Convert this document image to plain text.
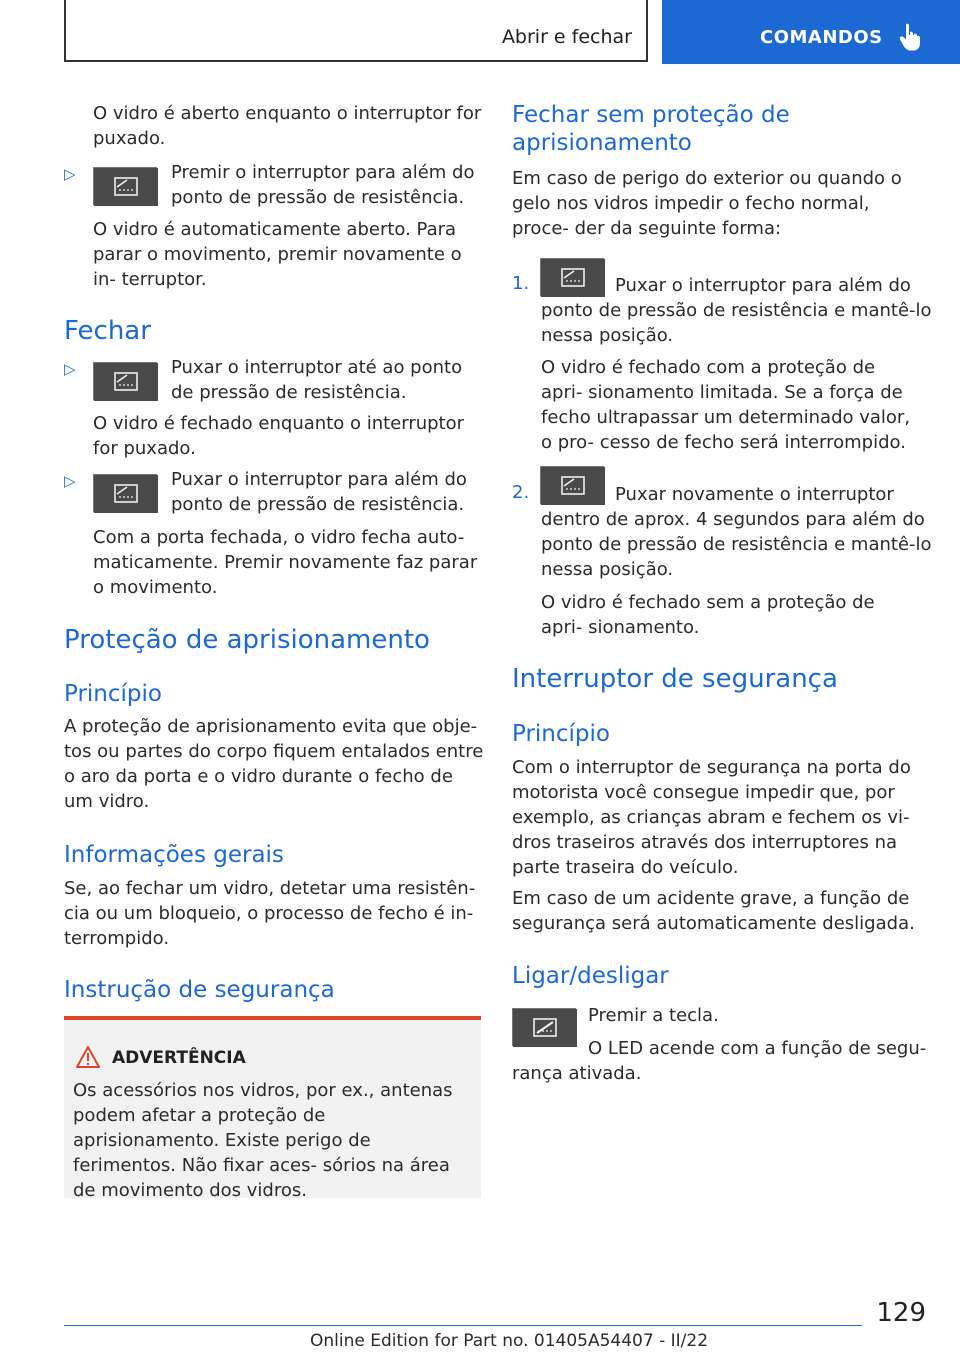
Abrir e fechar	COMANDOS

O vidro é aberto enquanto o interruptor for puxado.

▷	Premir o interruptor para além do ponto de pressão de resistência.

O vidro é automaticamente aberto. Para parar o movimento, premir novamente o in- terruptor.

Fechar
▷	Puxar o interruptor até ao ponto de pressão de resistência.

O vidro é fechado enquanto o interruptor for puxado.

▷	Puxar o interruptor para além do ponto de pressão de resistência.

Com a porta fechada, o vidro fecha auto- maticamente. Premir novamente faz parar o movimento.

Proteção de aprisionamento
Princípio

A proteção de aprisionamento evita que obje- tos ou partes do corpo fiquem entalados entre o aro da porta e o vidro durante o fecho de um vidro.

Informações gerais

Se, ao fechar um vidro, detetar uma resistên- cia ou um bloqueio, o processo de fecho é in- terrompido.

Instrução de segurança
ADVERTÊNCIA

Os acessórios nos vidros, por ex., antenas podem afetar a proteção de aprisionamento. Existe perigo de ferimentos. Não fixar aces- sórios na área de movimento dos vidros.

Fechar sem proteção de aprisionamento

Em caso de perigo do exterior ou quando o gelo nos vidros impedir o fecho normal, proce- der da seguinte forma:

1.	Puxar o interruptor para além do ponto de pressão de resistência e mantê-lo nessa posição.

O vidro é fechado com a proteção de apri- sionamento limitada. Se a força de fecho ultrapassar um determinado valor, o pro- cesso de fecho será interrompido.

2.	Puxar novamente o interruptor dentro de aprox. 4 segundos para além do ponto de pressão de resistência e mantê-lo nessa posição.

O vidro é fechado sem a proteção de apri- sionamento.

Interruptor de segurança
Princípio

Com o interruptor de segurança na porta do motorista você consegue impedir que, por exemplo, as crianças abram e fechem os vi- dros traseiros através dos interruptores na parte traseira do veículo.

Em caso de um acidente grave, a função de segurança será automaticamente desligada.

Ligar/desligar

Premir a tecla.

O LED acende com a função de segu- rança ativada.

129
Online Edition for Part no. 01405A54407 - II/22
